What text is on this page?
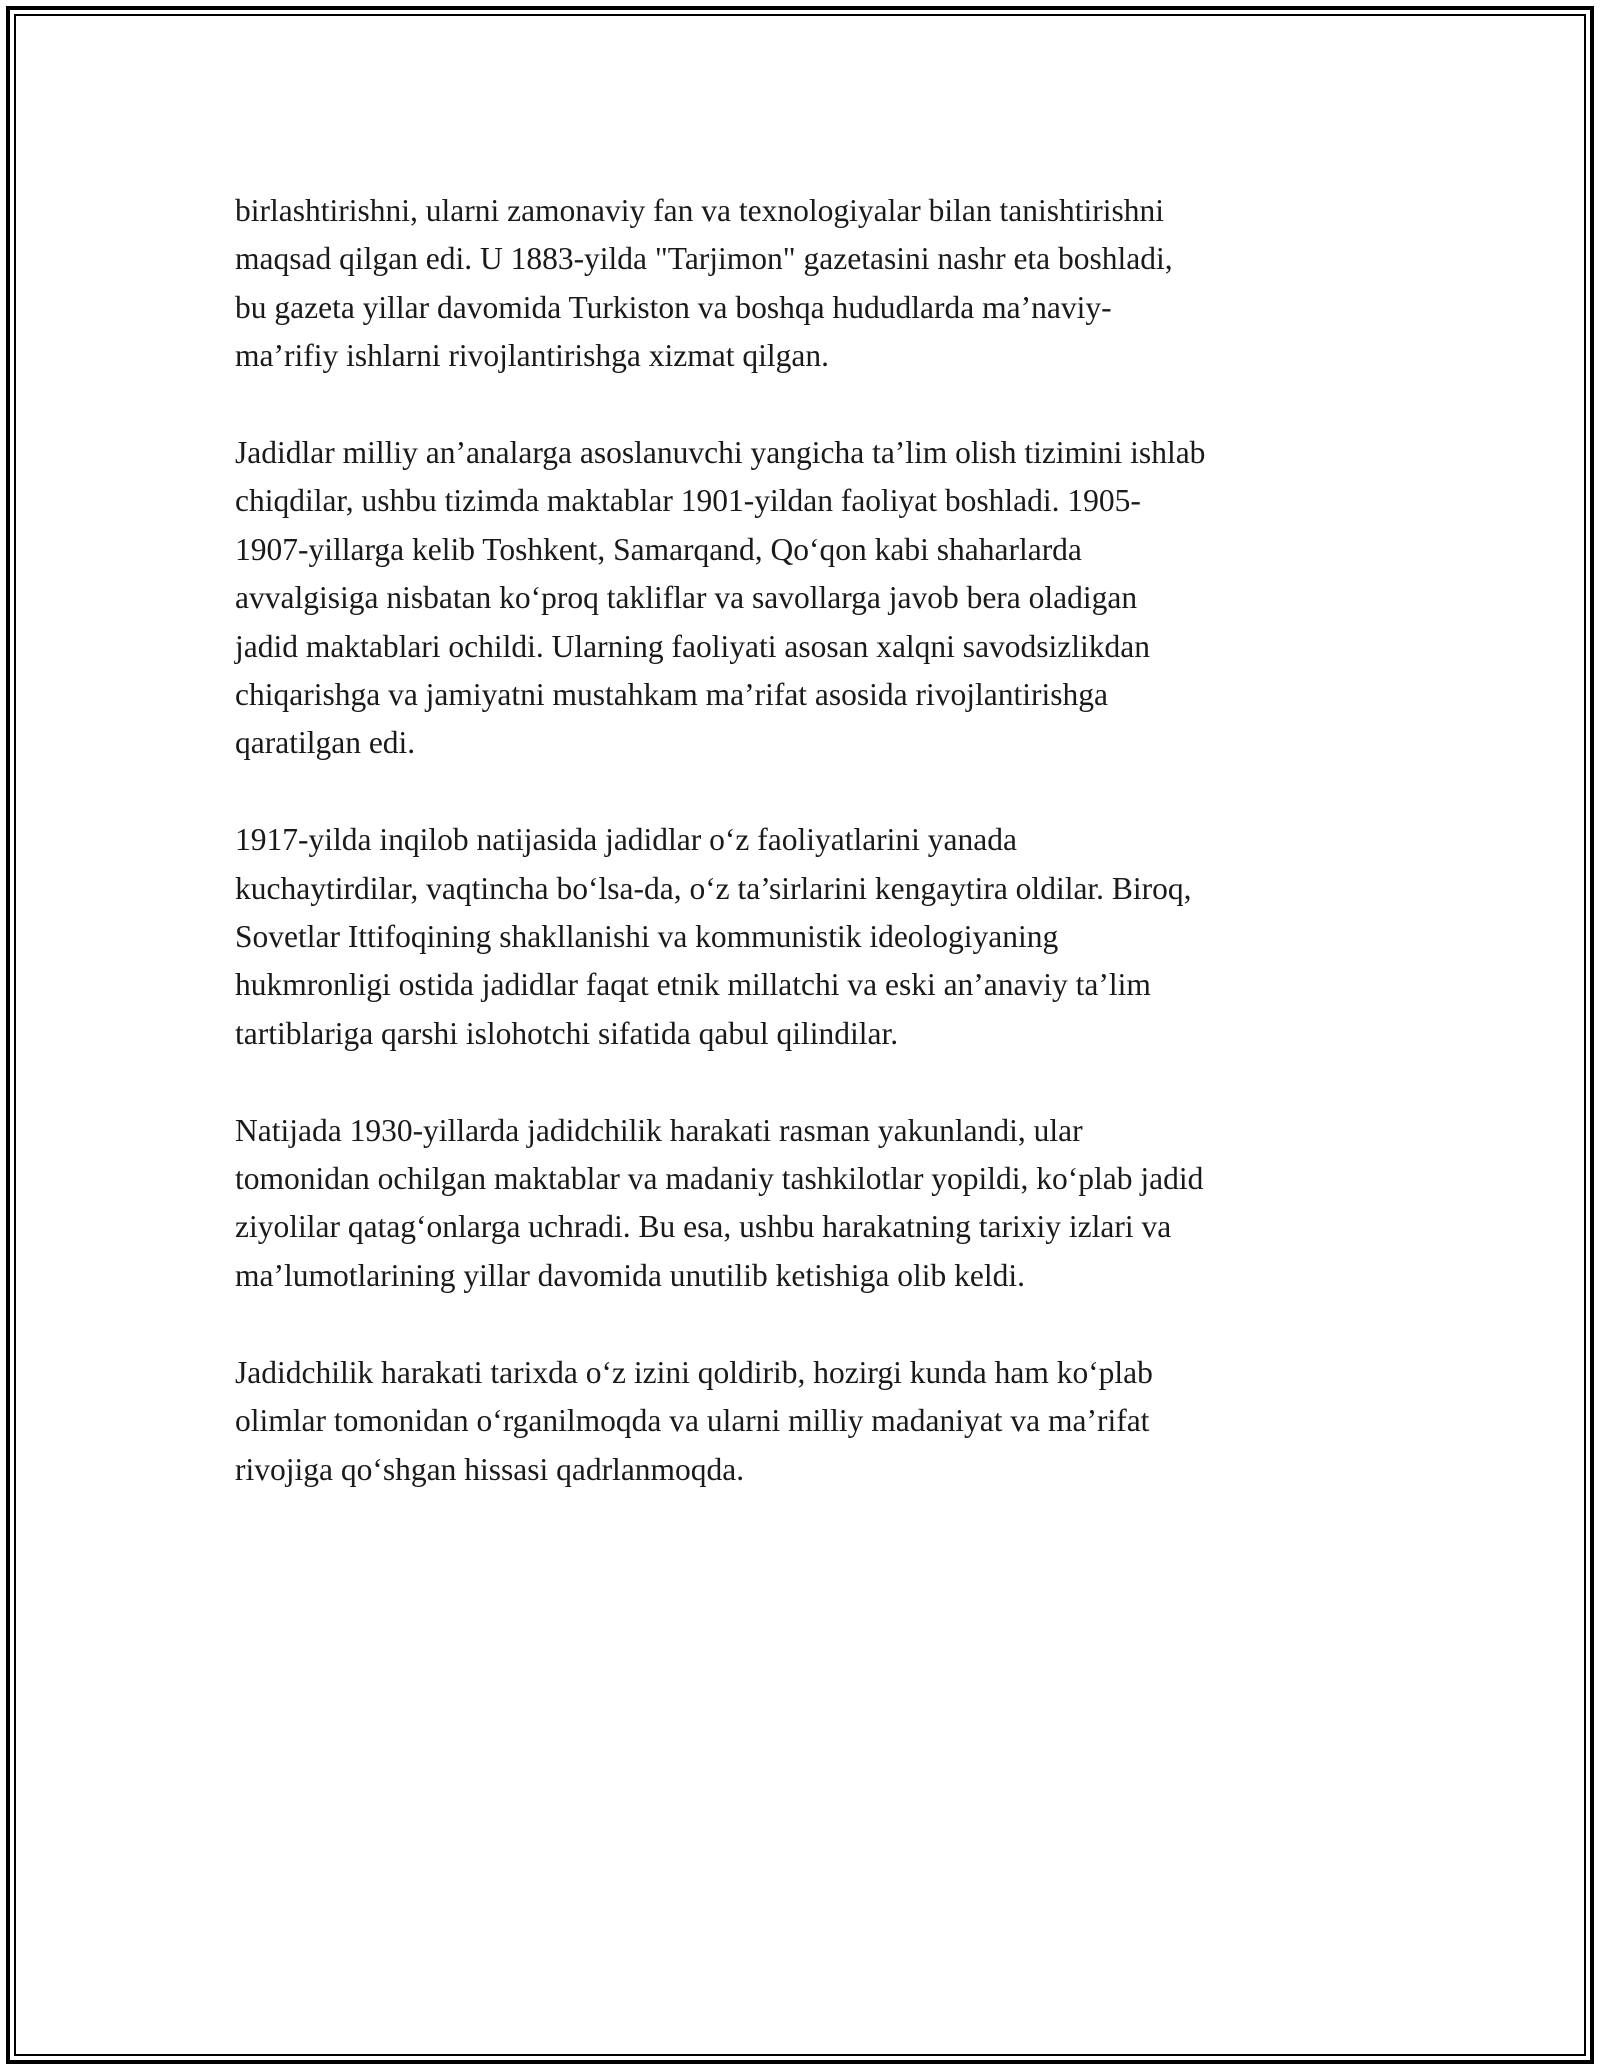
birlashtirishni, ularni zamonaviy fan va texnologiyalar bilan tanishtirishni
maqsad qilgan edi. U 1883-yilda "Tarjimon" gazetasini nashr eta boshladi,
bu gazeta yillar davomida Turkiston va boshqa hududlarda ma’naviy-
ma’rifiy ishlarni rivojlantirishga xizmat qilgan.

Jadidlar milliy an’analarga asoslanuvchi yangicha ta’lim olish tizimini ishlab
chiqdilar, ushbu tizimda maktablar 1901-yildan faoliyat boshladi. 1905-
1907-yillarga kelib Toshkent, Samarqand, Qo‘qon kabi shaharlarda
avvalgisiga nisbatan ko‘proq takliflar va savollarga javob bera oladigan
jadid maktablari ochildi. Ularning faoliyati asosan xalqni savodsizlikdan
chiqarishga va jamiyatni mustahkam ma’rifat asosida rivojlantirishga
qaratilgan edi.

1917-yilda inqilob natijasida jadidlar o‘z faoliyatlarini yanada
kuchaytirdilar, vaqtincha bo‘lsa-da, o‘z ta’sirlarini kengaytira oldilar. Biroq,
Sovetlar Ittifoqining shakllanishi va kommunistik ideologiyaning
hukmronligi ostida jadidlar faqat etnik millatchi va eski an’anaviy ta’lim
tartiblariga qarshi islohotchi sifatida qabul qilindilar.

Natijada 1930-yillarda jadidchilik harakati rasman yakunlandi, ular
tomonidan ochilgan maktablar va madaniy tashkilotlar yopildi, ko‘plab jadid
ziyolilar qatag‘onlarga uchradi. Bu esa, ushbu harakatning tarixiy izlari va
ma’lumotlarining yillar davomida unutilib ketishiga olib keldi.

Jadidchilik harakati tarixda o‘z izini qoldirib, hozirgi kunda ham ko‘plab
olimlar tomonidan o‘rganilmoqda va ularni milliy madaniyat va ma’rifat
rivojiga qo‘shgan hissasi qadrlanmoqda.
